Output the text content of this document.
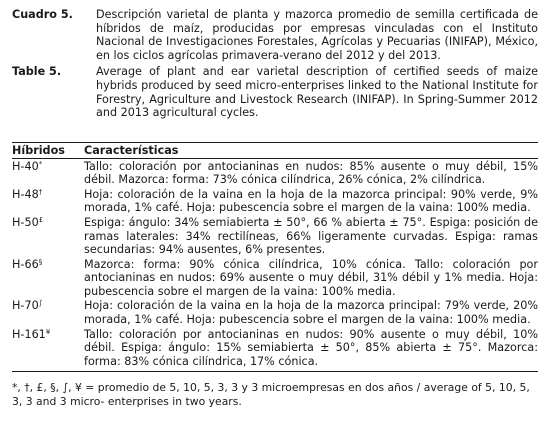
Cuadro 5.	Descripción varietal de planta y mazorca promedio de semilla certificada de híbridos de maíz, producidas por empresas vinculadas con el Instituto Nacional de Investigaciones Forestales, Agrícolas y Pecuarias (INIFAP), México, en los ciclos agrícolas primavera-verano del 2012 y del 2013.
Table 5.	Average of plant and ear varietal description of certified seeds of maize hybrids produced by seed micro-enterprises linked to the National Institute for Forestry, Agriculture and Livestock Research (INIFAP). In Spring-Summer 2012 and 2013 agricultural cycles.
Híbridos	Características
H-40*	Tallo: coloración por antocianinas en nudos: 85% ausente o muy débil, 15% débil. Mazorca: forma: 73% cónica cilíndrica, 26% cónica, 2% cilíndrica.
H-48†	Hoja: coloración de la vaina en la hoja de la mazorca principal: 90% verde, 9% morada, 1% café. Hoja: pubescencia sobre el margen de la vaina: 100% media.
H-50£	Espiga: ángulo: 34% semiabierta ± 50°, 66 % abierta ± 75°. Espiga: posición de ramas laterales: 34% rectilíneas, 66% ligeramente curvadas. Espiga: ramas secundarias: 94% ausentes, 6% presentes.
H-66§	Mazorca: forma: 90% cónica cilíndrica, 10% cónica. Tallo: coloración por antocianinas en nudos: 69% ausente o muy débil, 31% débil y 1% media. Hoja: pubescencia sobre el margen de la vaina: 100% media.
H-70∫	Hoja: coloración de la vaina en la hoja de la mazorca principal: 79% verde, 20% morada, 1% café. Hoja: pubescencia sobre el margen de la vaina: 100% media.
H-161¥	Tallo: coloración por antocianinas en nudos: 90% ausente o muy débil, 10% débil. Espiga: ángulo: 15% semiabierta ± 50°, 85% abierta ± 75°. Mazorca: forma: 83% cónica cilíndrica, 17% cónica.
*, †, £, §, ∫, ¥ = promedio de 5, 10, 5, 3, 3 y 3 microempresas en dos años / average of 5, 10, 5, 3, 3 and 3 micro- enterprises in two years.
